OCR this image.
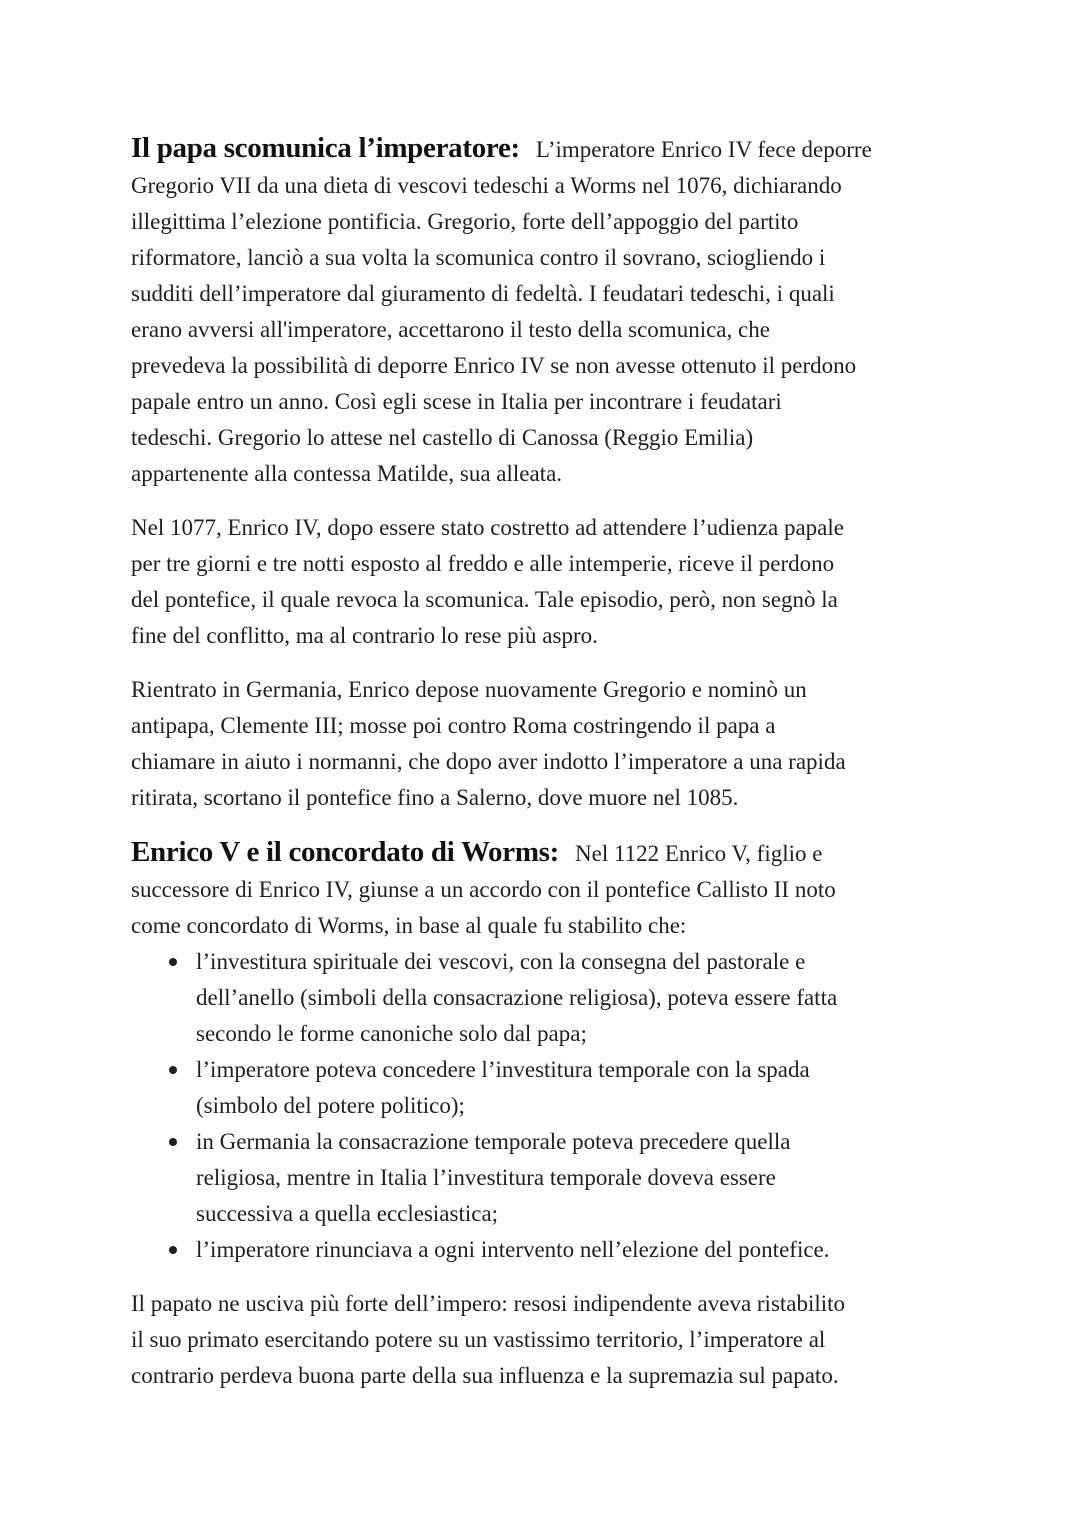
Il papa scomunica l’imperatore: L’imperatore Enrico IV fece deporre
Gregorio VII da una dieta di vescovi tedeschi a Worms nel 1076, dichiarando
illegittima l’elezione pontificia. Gregorio, forte dell’appoggio del partito
riformatore, lanciò a sua volta la scomunica contro il sovrano, sciogliendo i
sudditi dell’imperatore dal giuramento di fedeltà. I feudatari tedeschi, i quali
erano avversi all'imperatore, accettarono il testo della scomunica, che
prevedeva la possibilità di deporre Enrico IV se non avesse ottenuto il perdono
papale entro un anno. Così egli scese in Italia per incontrare i feudatari
tedeschi. Gregorio lo attese nel castello di Canossa (Reggio Emilia)
appartenente alla contessa Matilde, sua alleata.

Nel 1077, Enrico IV, dopo essere stato costretto ad attendere l’udienza papale
per tre giorni e tre notti esposto al freddo e alle intemperie, riceve il perdono
del pontefice, il quale revoca la scomunica. Tale episodio, però, non segnò la
fine del conflitto, ma al contrario lo rese più aspro.

Rientrato in Germania, Enrico depose nuovamente Gregorio e nominò un
antipapa, Clemente III; mosse poi contro Roma costringendo il papa a
chiamare in aiuto i normanni, che dopo aver indotto l’imperatore a una rapida
ritirata, scortano il pontefice fino a Salerno, dove muore nel 1085.

Enrico V e il concordato di Worms: Nel 1122 Enrico V, figlio e
successore di Enrico IV, giunse a un accordo con il pontefice Callisto II noto
come concordato di Worms, in base al quale fu stabilito che:

l’investitura spirituale dei vescovi, con la consegna del pastorale e
dell’anello (simboli della consacrazione religiosa), poteva essere fatta
secondo le forme canoniche solo dal papa;
l’imperatore poteva concedere l’investitura temporale con la spada
(simbolo del potere politico);
in Germania la consacrazione temporale poteva precedere quella
religiosa, mentre in Italia l’investitura temporale doveva essere
successiva a quella ecclesiastica;
l’imperatore rinunciava a ogni intervento nell’elezione del pontefice.

Il papato ne usciva più forte dell’impero: resosi indipendente aveva ristabilito
il suo primato esercitando potere su un vastissimo territorio, l’imperatore al
contrario perdeva buona parte della sua influenza e la supremazia sul papato.
